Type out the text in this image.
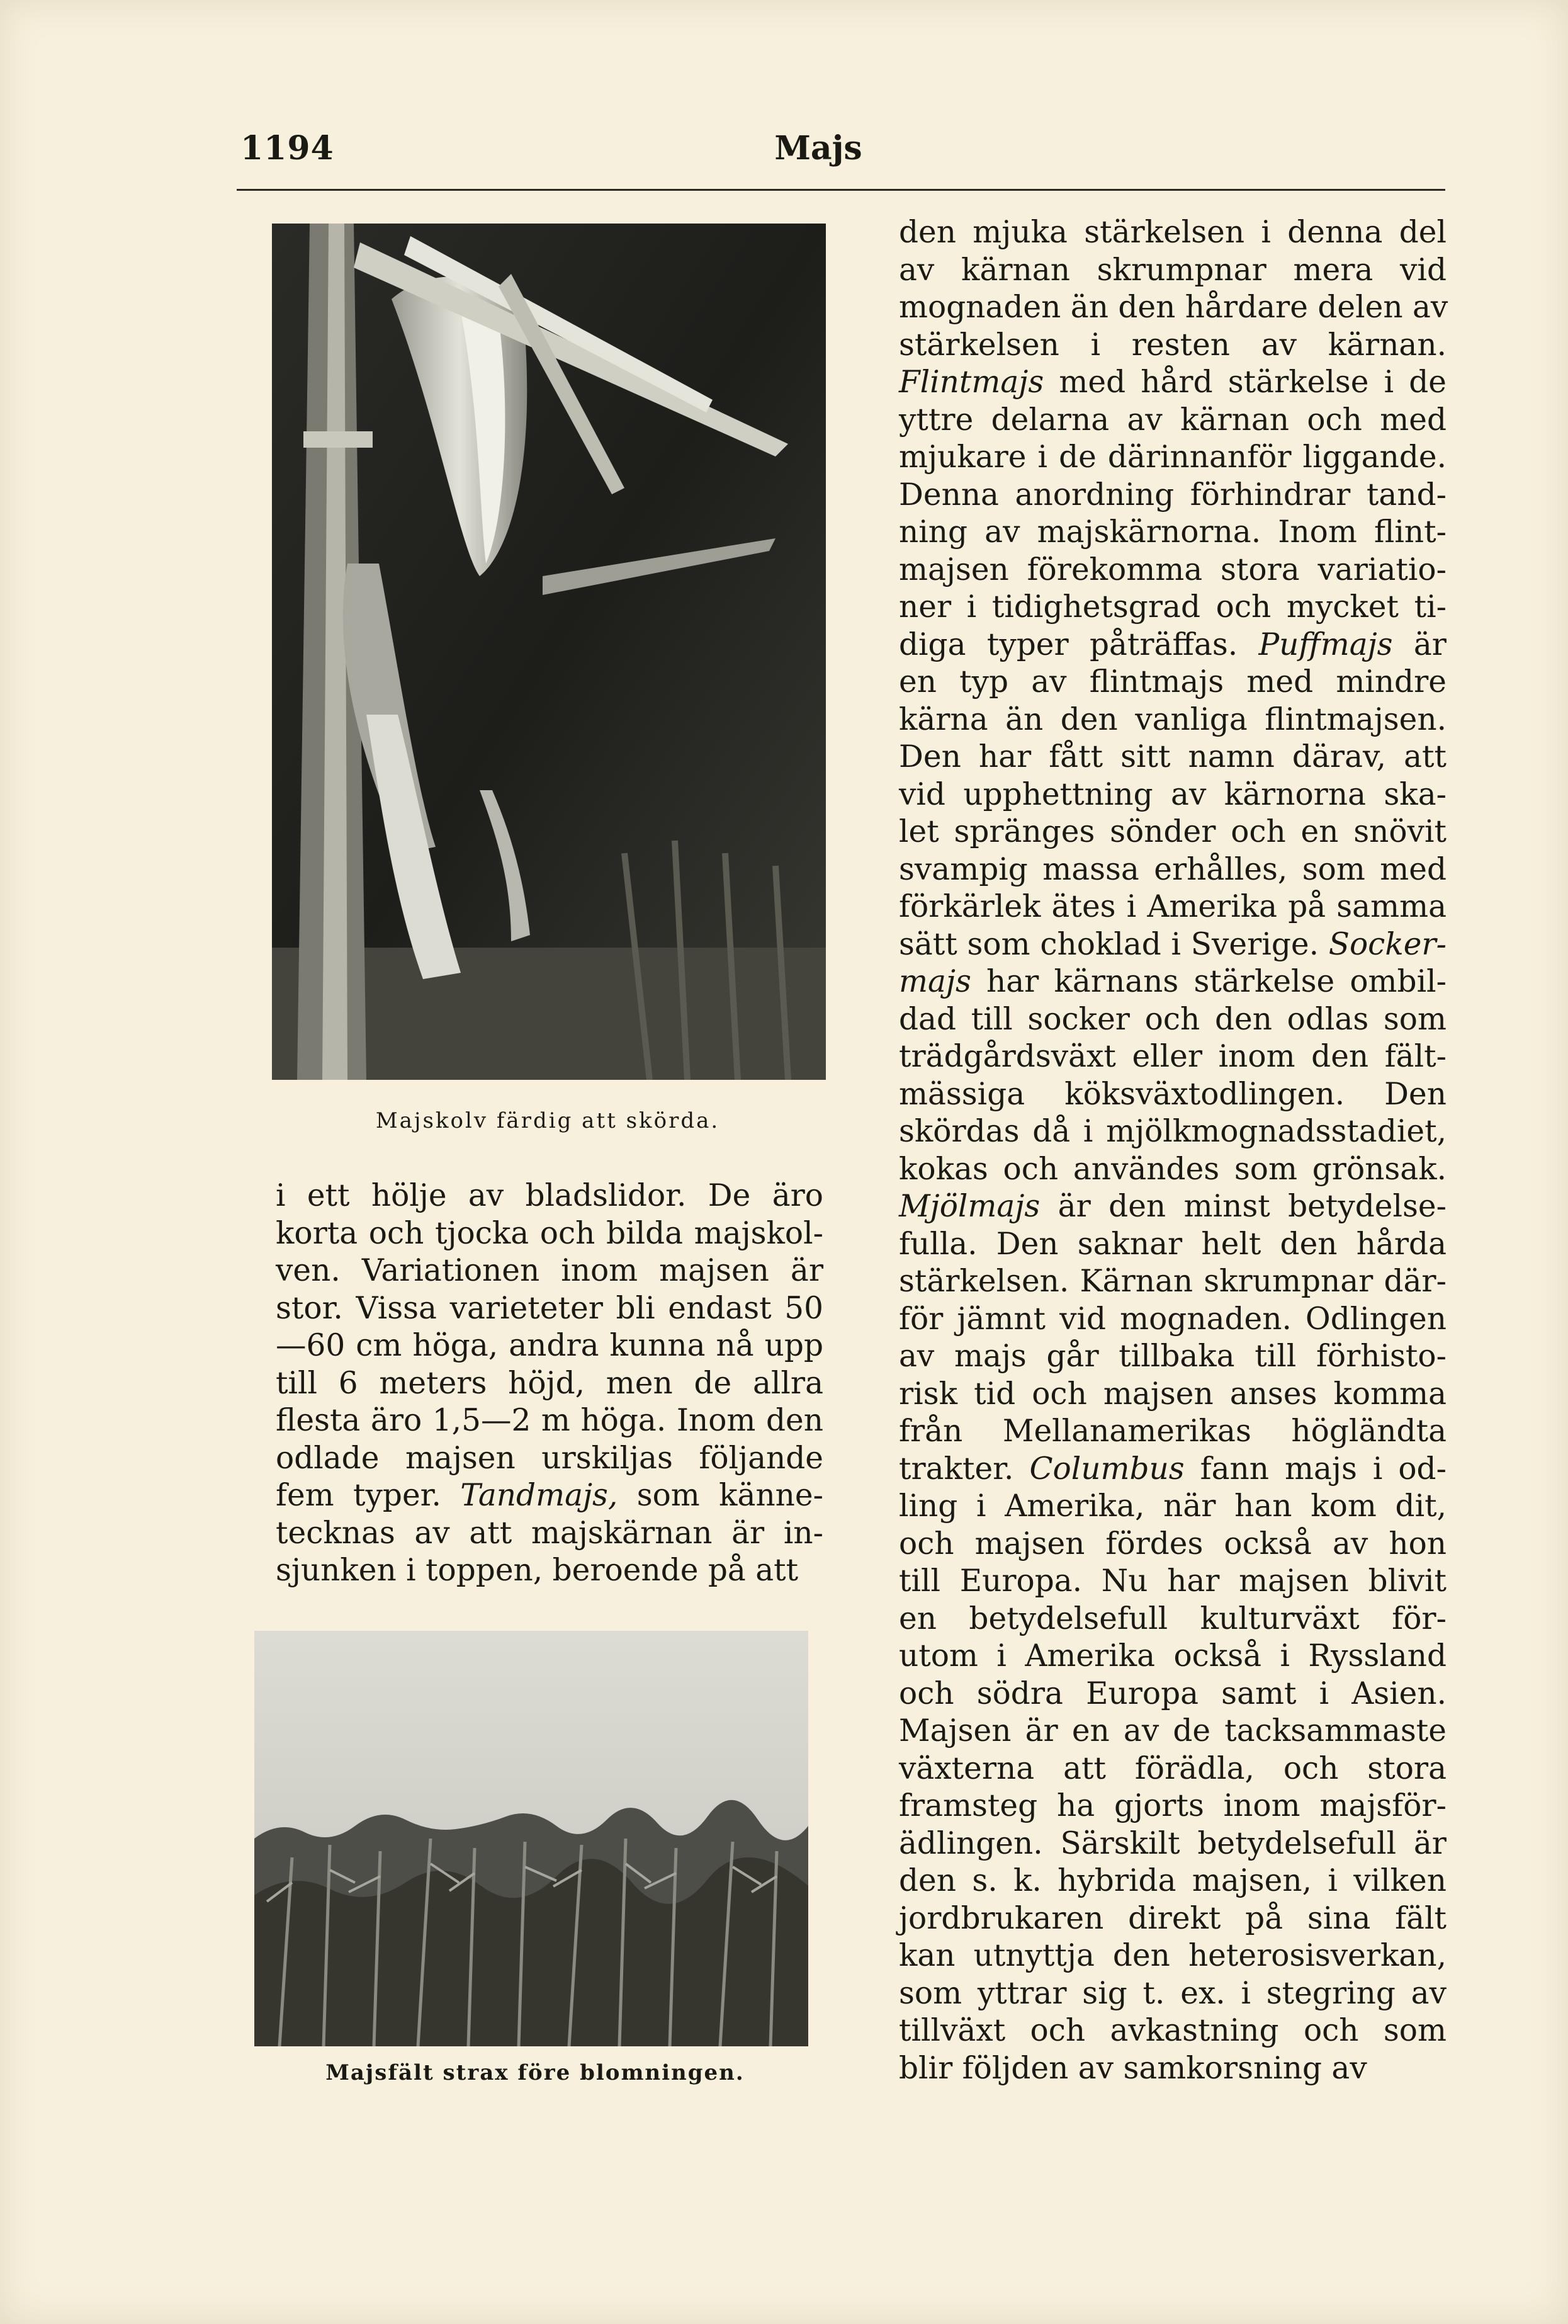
1194	Majs
Majskolv färdig att skörda.
i ett hölje av bladslidor. De äro
korta och tjocka och bilda majskol-
ven. Variationen inom majsen är
stor. Vissa varieteter bli endast 50
—60 cm höga, andra kunna nå upp
till 6 meters höjd, men de allra
flesta äro 1,5—2 m höga. Inom den
odlade majsen urskiljas följande
fem typer. Tandmajs, som känne-
tecknas av att majskärnan är in-
sjunken i toppen, beroende på att
Majsfält strax före blomningen.
den mjuka stärkelsen i denna del
av kärnan skrumpnar mera vid
mognaden än den hårdare delen av
stärkelsen i resten av kärnan.
Flintmajs med hård stärkelse i de
yttre delarna av kärnan och med
mjukare i de därinnanför liggande.
Denna anordning förhindrar tand-
ning av majskärnorna. Inom flint-
majsen förekomma stora variatio-
ner i tidighetsgrad och mycket ti-
diga typer påträffas. Puffmajs är
en typ av flintmajs med mindre
kärna än den vanliga flintmajsen.
Den har fått sitt namn därav, att
vid upphettning av kärnorna ska-
let spränges sönder och en snövit
svampig massa erhålles, som med
förkärlek ätes i Amerika på samma
sätt som choklad i Sverige. Socker-
majs har kärnans stärkelse ombil-
dad till socker och den odlas som
trädgårdsväxt eller inom den fält-
mässiga köksväxtodlingen. Den
skördas då i mjölkmognadsstadiet,
kokas och användes som grönsak.
Mjölmajs är den minst betydelse-
fulla. Den saknar helt den hårda
stärkelsen. Kärnan skrumpnar där-
för jämnt vid mognaden. Odlingen
av majs går tillbaka till förhisto-
risk tid och majsen anses komma
från Mellanamerikas högländta
trakter. Columbus fann majs i od-
ling i Amerika, när han kom dit,
och majsen fördes också av hon
till Europa. Nu har majsen blivit
en betydelsefull kulturväxt för-
utom i Amerika också i Ryssland
och södra Europa samt i Asien.
Majsen är en av de tacksammaste
växterna att förädla, och stora
framsteg ha gjorts inom majsför-
ädlingen. Särskilt betydelsefull är
den s. k. hybrida majsen, i vilken
jordbrukaren direkt på sina fält
kan utnyttja den heterosisverkan,
som yttrar sig t. ex. i stegring av
tillväxt och avkastning och som
blir följden av samkorsning av
